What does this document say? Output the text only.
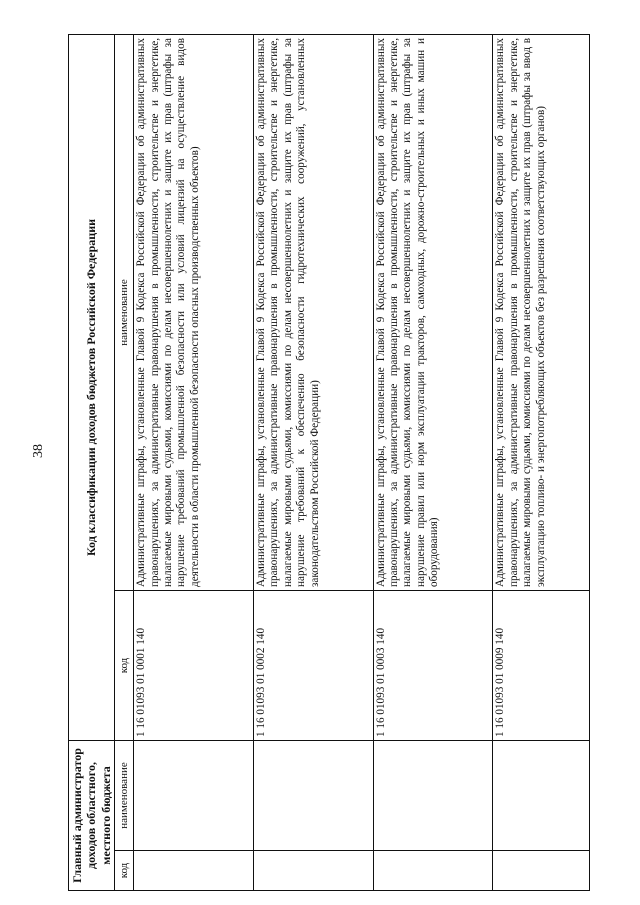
38
Главный администратор доходов областного, местного бюджета		Код классификации доходов бюджетов Российской Федерации	
код	наименование	код	наименование
		1 16 01093 01 0001 140	Административные штрафы, установленные Главой 9 Кодекса Российской Федерации об административных правонарушениях, за административные правонарушения в промышленности, строительстве и энергетике, налагаемые мировыми судьями, комиссиями по делам несовершеннолетних и защите их прав (штрафы за нарушение требований промышленной безопасности или условий лицензий на осуществление видов деятельности в области промышленной безопасности опасных производственных объектов)
		1 16 01093 01 0002 140	Административные штрафы, установленные Главой 9 Кодекса Российской Федерации об административных правонарушениях, за административные правонарушения в промышленности, строительстве и энергетике, налагаемые мировыми судьями, комиссиями по делам несовершеннолетних и защите их прав (штрафы за нарушение требований к обеспечению безопасности гидротехнических сооружений, установленных законодательством Российской Федерации)
		1 16 01093 01 0003 140	Административные штрафы, установленные Главой 9 Кодекса Российской Федерации об административных правонарушениях, за административные правонарушения в промышленности, строительстве и энергетике, налагаемые мировыми судьями, комиссиями по делам несовершеннолетних и защите их прав (штрафы за нарушение правил или норм эксплуатации тракторов, самоходных, дорожно-строительных и иных машин и оборудования)
		1 16 01093 01 0009 140	Административные штрафы, установленные Главой 9 Кодекса Российской Федерации об административных правонарушениях, за административные правонарушения в промышленности, строительстве и энергетике, налагаемые мировыми судьями, комиссиями по делам несовершеннолетних и защите их прав (штрафы за ввод в эксплуатацию топливо- и энергопотребляющих объектов без разрешения соответствующих органов)
